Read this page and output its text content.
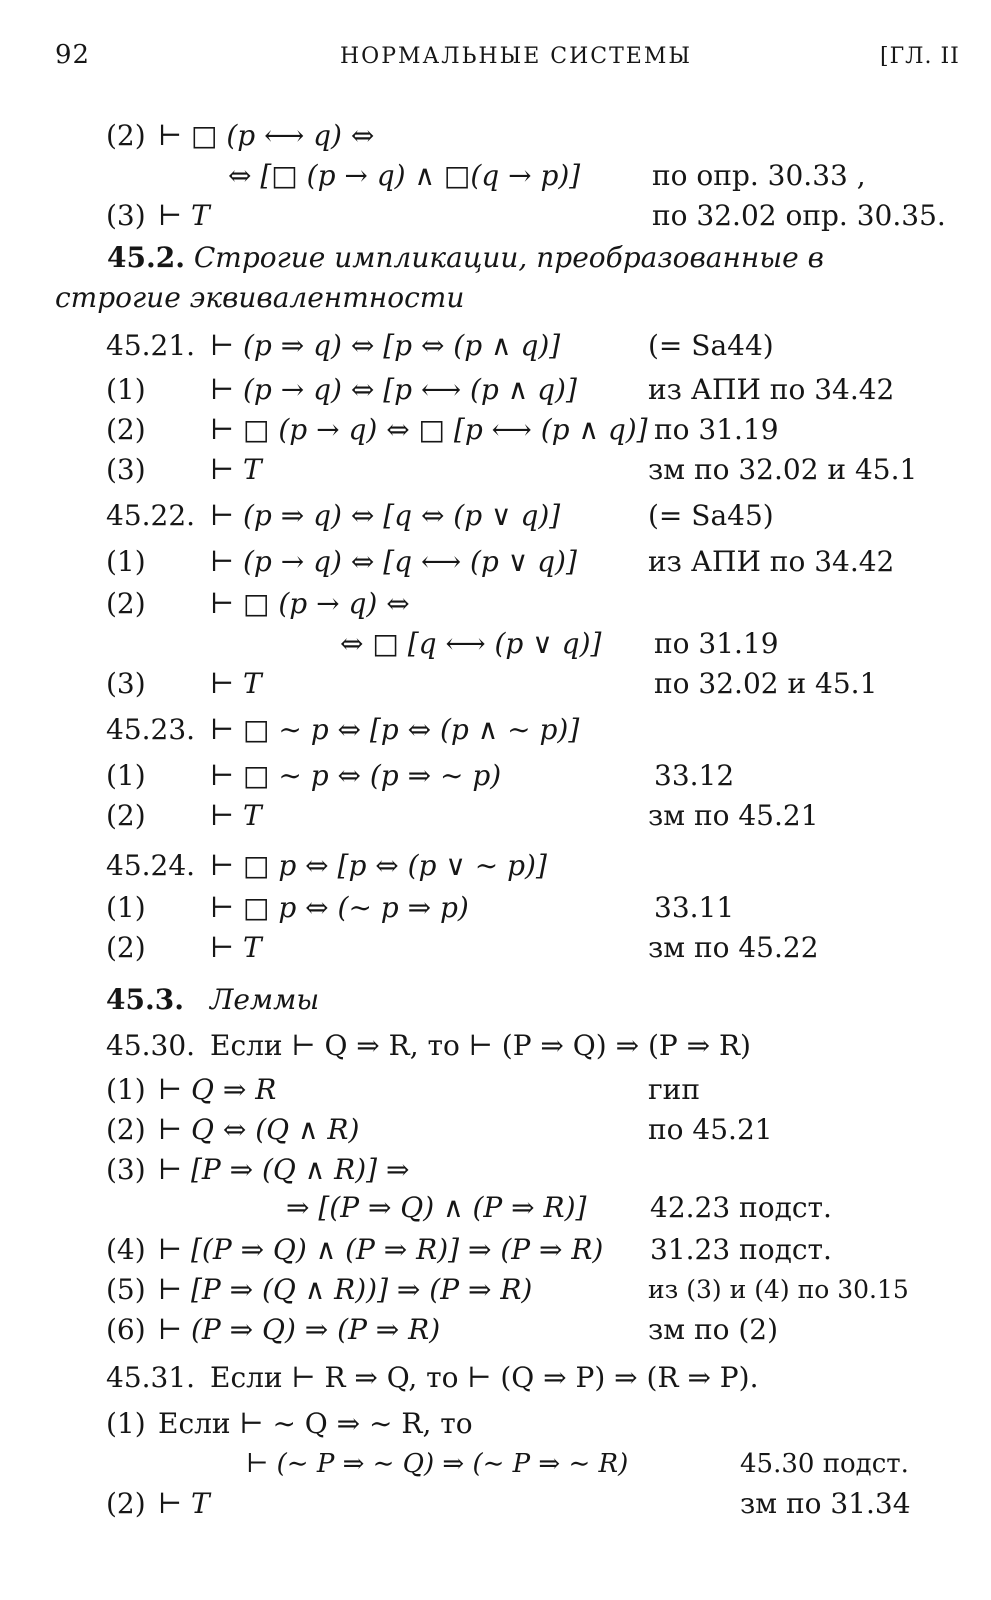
92	НОРМАЛЬНЫЕ СИСТЕМЫ	[ГЛ. II
(2) ⊢ □ (p ⟷ q) ⇔
⇔ [□ (p → q) ∧ □(q → p)]	по опр. 30.33 ,
(3) ⊢ T	по 32.02 опр. 30.35.
45.2. Строгие импликации, преобразованные в строгие эквивалентности
45.21. ⊢ (p ⇒ q) ⇔ [p ⇔ (p ∧ q)]	(= Sa44)
(1) ⊢ (p → q) ⇔ [p ⟷ (p ∧ q)]	из АПИ по 34.42
(2) ⊢ □ (p → q) ⇔ □ [p ⟷ (p ∧ q)] по 31.19
(3) ⊢ T	зм по 32.02 и 45.1
45.22. ⊢ (p ⇒ q) ⇔ [q ⇔ (p ∨ q)]	(= Sa45)
(1) ⊢ (p → q) ⇔ [q ⟷ (p ∨ q)]	из АПИ по 34.42
(2) ⊢ □ (p → q) ⇔
⇔ □ [q ⟷ (p ∨ q)] по 31.19
(3) ⊢ T	по 32.02 и 45.1
45.23. ⊢ □ ∼ p ⇔ [p ⇔ (p ∧ ∼ p)]
(1) ⊢ □ ∼ p ⇔ (p ⇒ ∼ p)	33.12
(2) ⊢ T	зм по 45.21
45.24. ⊢ □ p ⇔ [p ⇔ (p ∨ ∼ p)]
(1) ⊢ □ p ⇔ (∼ p ⇒ p)	33.11
(2) ⊢ T	зм по 45.22
45.3. Леммы
45.30. Если ⊢ Q ⇒ R, то ⊢ (P ⇒ Q) ⇒ (P ⇒ R)
(1) ⊢ Q ⇒ R	гип
(2) ⊢ Q ⇔ (Q ∧ R)	по 45.21
(3) ⊢ [P ⇒ (Q ∧ R)] ⇒
⇒ [(P ⇒ Q) ∧ (P ⇒ R)] 42.23 подст.
(4) ⊢ [(P ⇒ Q) ∧ (P ⇒ R)] ⇒ (P ⇒ R) 31.23 подст.
(5) ⊢ [P ⇒ (Q ∧ R))] ⇒ (P ⇒ R)	из (3) и (4) по 30.15
(6) ⊢ (P ⇒ Q) ⇒ (P ⇒ R)	зм по (2)
45.31. Если ⊢ R ⇒ Q, то ⊢ (Q ⇒ P) ⇒ (R ⇒ P).
(1) Если ⊢ ∼ Q ⇒ ∼ R, то
⊢ (∼ P ⇒ ∼ Q) ⇒ (∼ P ⇒ ∼ R)	45.30 подст.
(2) ⊢ T	зм по 31.34
